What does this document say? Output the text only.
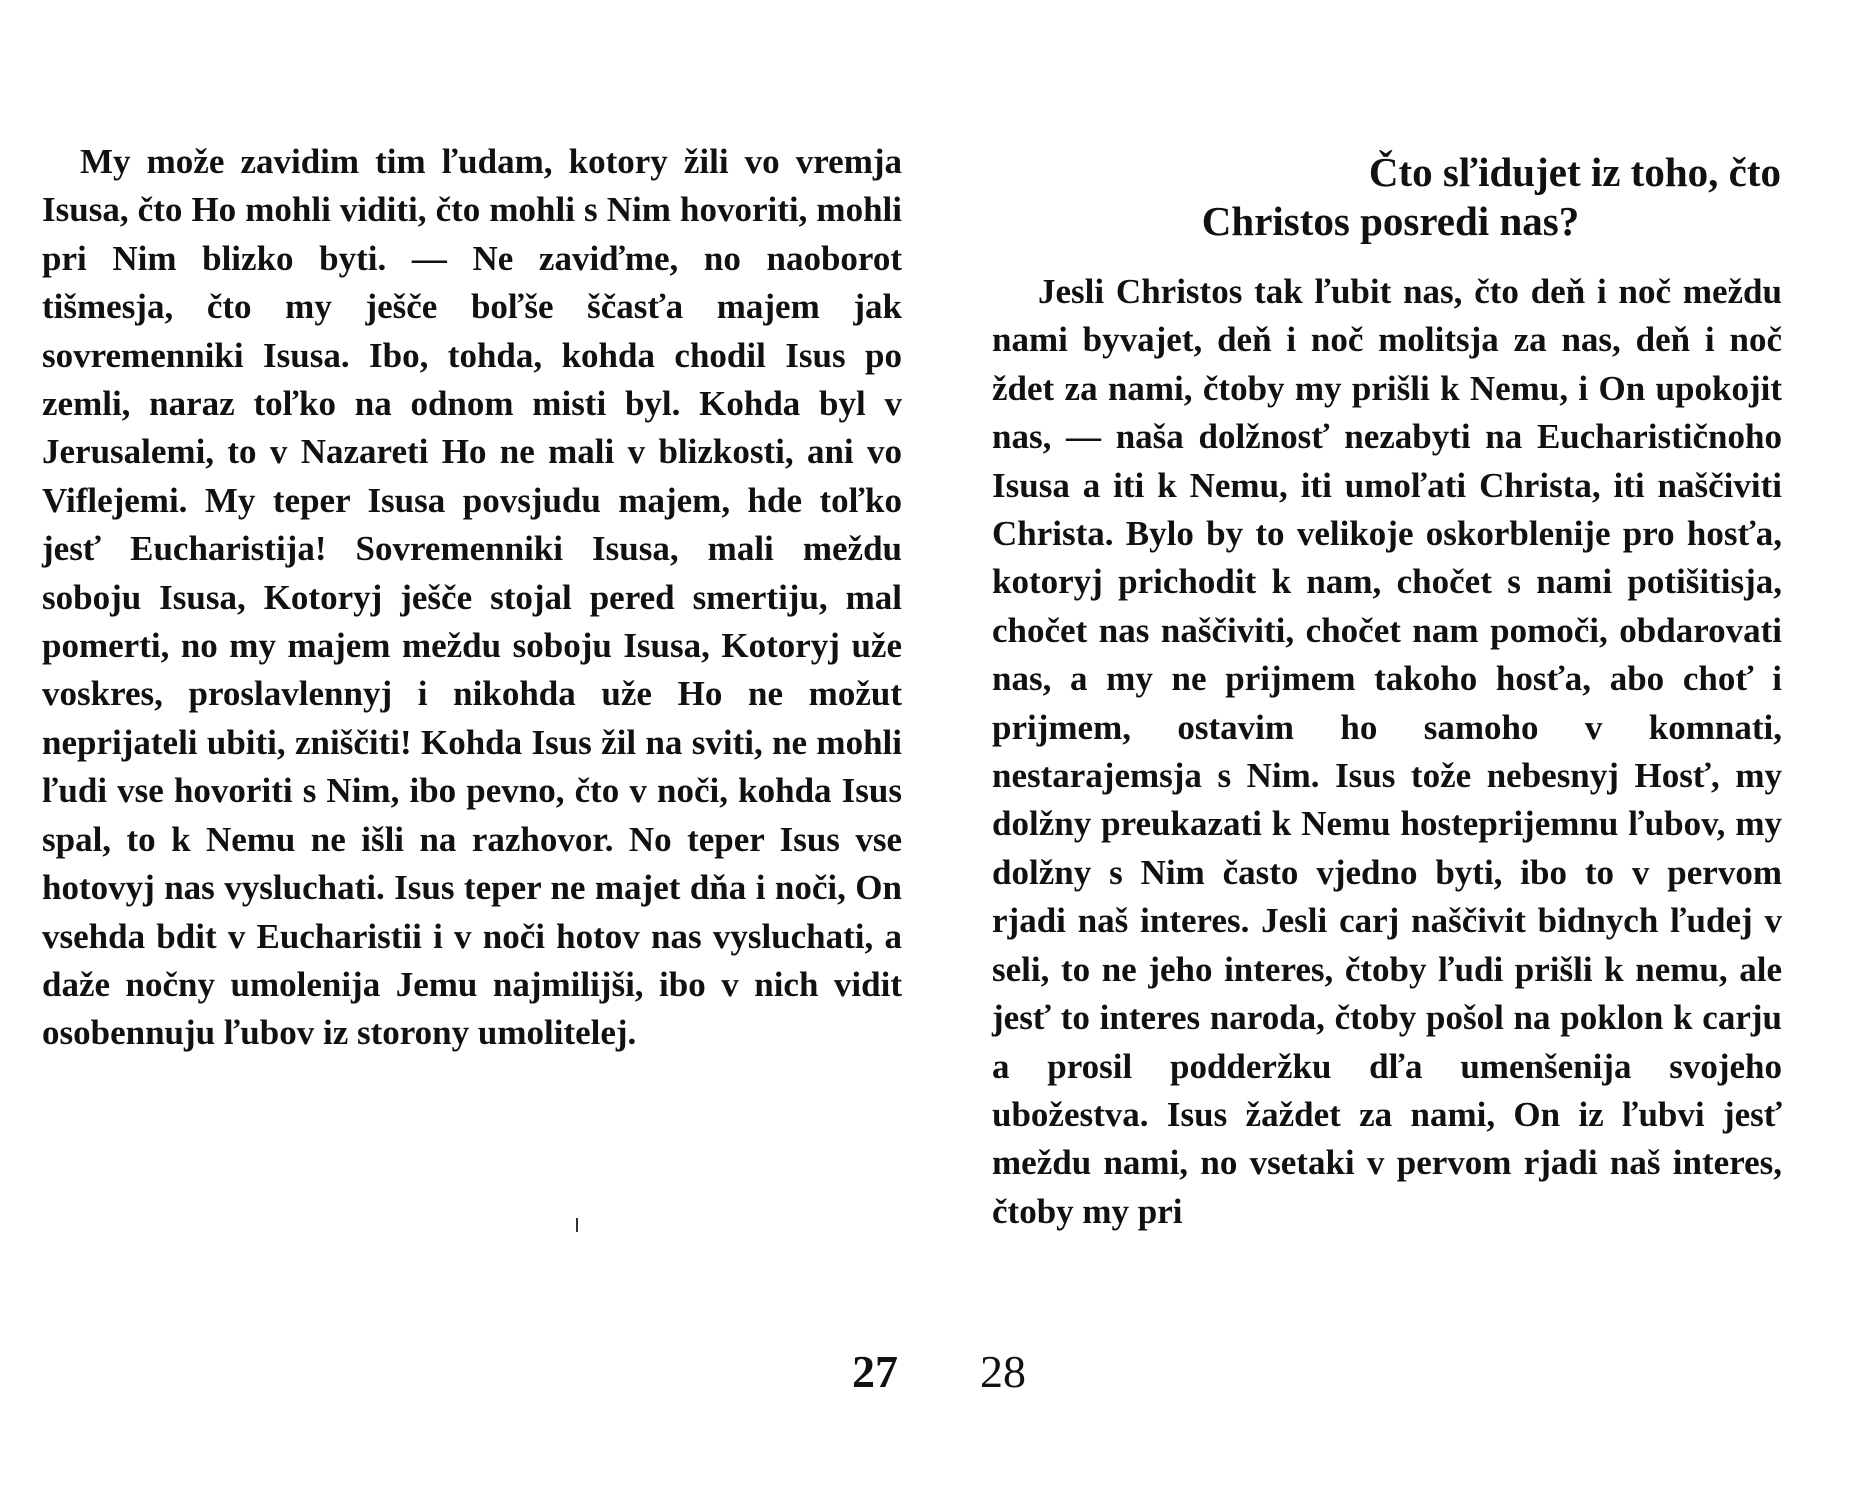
My može zavidim tim ľudam, kotory žili vo vremja Isusa, čto Ho mohli viditi, čto mohli s Nim hovoriti, mohli pri Nim blizko byti. — Ne zaviďme, no naoborot tišmesja, čto my ješče boľše ščasťa majem jak sovremenniki Isusa. Ibo, tohda, kohda chodil Isus po zemli, naraz toľko na odnom misti byl. Kohda byl v Jerusalemi, to v Nazareti Ho ne mali v blizkosti, ani vo Viflejemi. My teper Isusa povsjudu majem, hde toľko jesť Eucharistija! Sovremenniki Isusa, mali meždu soboju Isusa, Kotoryj ješče stojal pered smertiju, mal pomerti, no my majem meždu soboju Isusa, Kotoryj uže voskres, proslavlennyj i nikohda uže Ho ne možut neprijateli ubiti, zniščiti! Kohda Isus žil na sviti, ne mohli ľudi vse hovoriti s Nim, ibo pevno, čto v noči, kohda Isus spal, to k Nemu ne išli na razhovor. No teper Isus vse hotovyj nas vysluchati. Isus teper ne majet dňa i noči, On vsehda bdit v Eucharistii i v noči hotov nas vysluchati, a daže nočny umolenija Jemu najmilijši, ibo v nich vidit osobennuju ľubov iz storony umolitelej.

27
Čto sľidujet iz toho, čto
Christos posredi nas?

Jesli Christos tak ľubit nas, čto deň i noč meždu nami byvajet, deň i noč molitsja za nas, deň i noč ždet za nami, čtoby my prišli k Nemu, i On upokojit nas, — naša dolžnosť nezabyti na Eucharističnoho Isusa a iti k Nemu, iti umoľati Christa, iti naščiviti Christa. Bylo by to velikoje oskorblenije pro hosťa, kotoryj prichodit k nam, chočet s nami potišitisja, chočet nas naščiviti, chočet nam pomoči, obdarovati nas, a my ne prijmem takoho hosťa, abo choť i prijmem, ostavim ho samoho v komnati, nestarajemsja s Nim. Isus tože nebesnyj Hosť, my dolžny preukazati k Nemu hosteprijemnu ľubov, my dolžny s Nim často vjedno byti, ibo to v pervom rjadi naš interes. Jesli carj naščivit bidnych ľudej v seli, to ne jeho interes, čtoby ľudi prišli k nemu, ale jesť to interes naroda, čtoby pošol na poklon k carju a prosil podderžku dľa umenšenija svojeho ubožestva. Isus žaždet za nami, On iz ľubvi jesť meždu nami, no vsetaki v pervom rjadi naš interes, čtoby my pri

28
